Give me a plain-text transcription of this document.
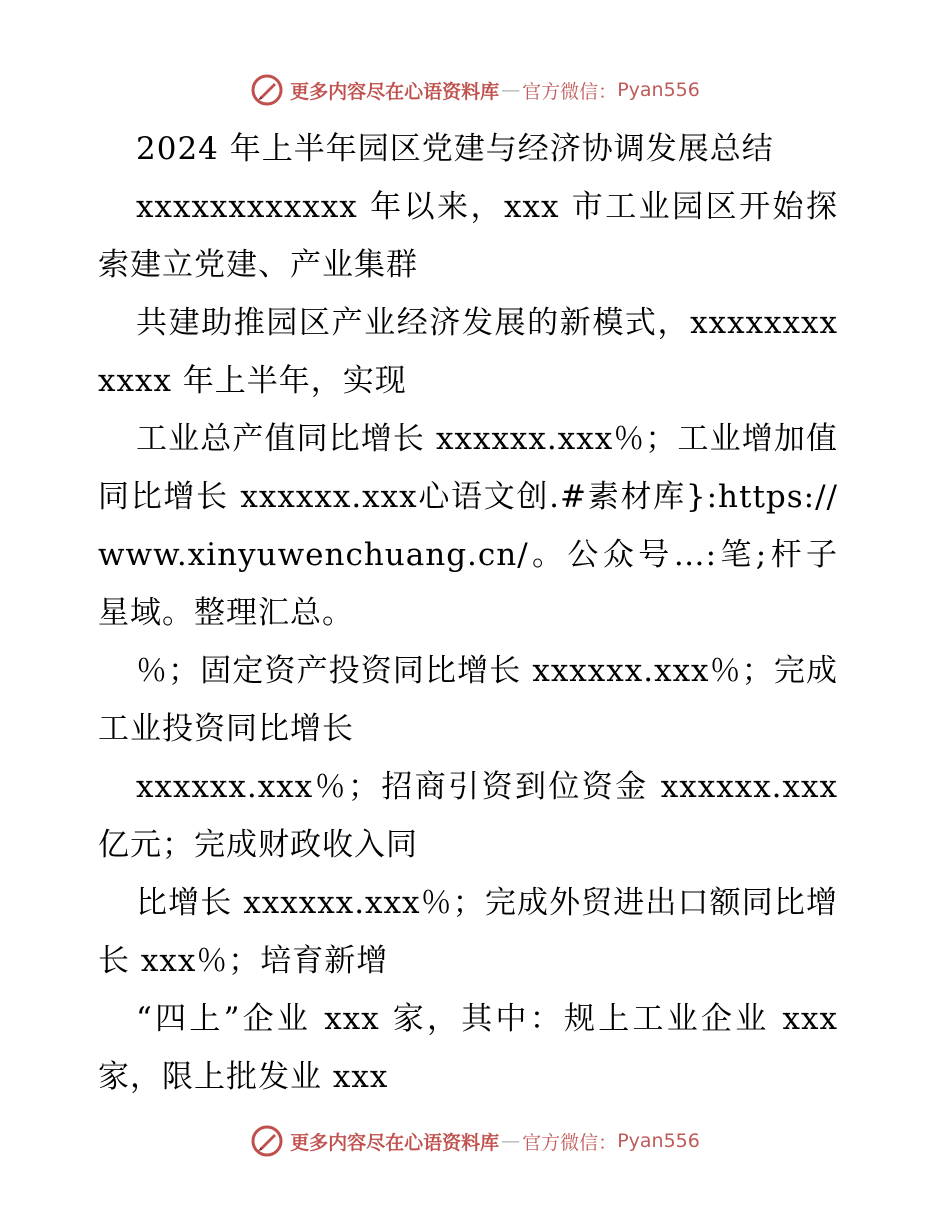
更多内容尽在心语资料库 — 官方微信： Pyan556

2024 年上半年园区党建与经济协调发展总结

xxxxxxxxxxxx 年以来，xxx 市工业园区开始探索建立党建、产业集群

共建助推园区产业经济发展的新模式，xxxxxxxxxxxx 年上半年，实现

工业总产值同比增长 xxxxxx.xxx％；工业增加值同比增长 xxxxxx.xxx心语文创.#素材库}:https://www.xinyuwenchuang.cn/。公众号…:笔;杆子星域。整理汇总。

％；固定资产投资同比增长 xxxxxx.xxx％；完成工业投资同比增长

xxxxxx.xxx％；招商引资到位资金 xxxxxx.xxx 亿元；完成财政收入同

比增长 xxxxxx.xxx％；完成外贸进出口额同比增长 xxx％；培育新增

“四上”企业 xxx 家，其中：规上工业企业 xxx 家，限上批发业 xxx

更多内容尽在心语资料库 — 官方微信： Pyan556
